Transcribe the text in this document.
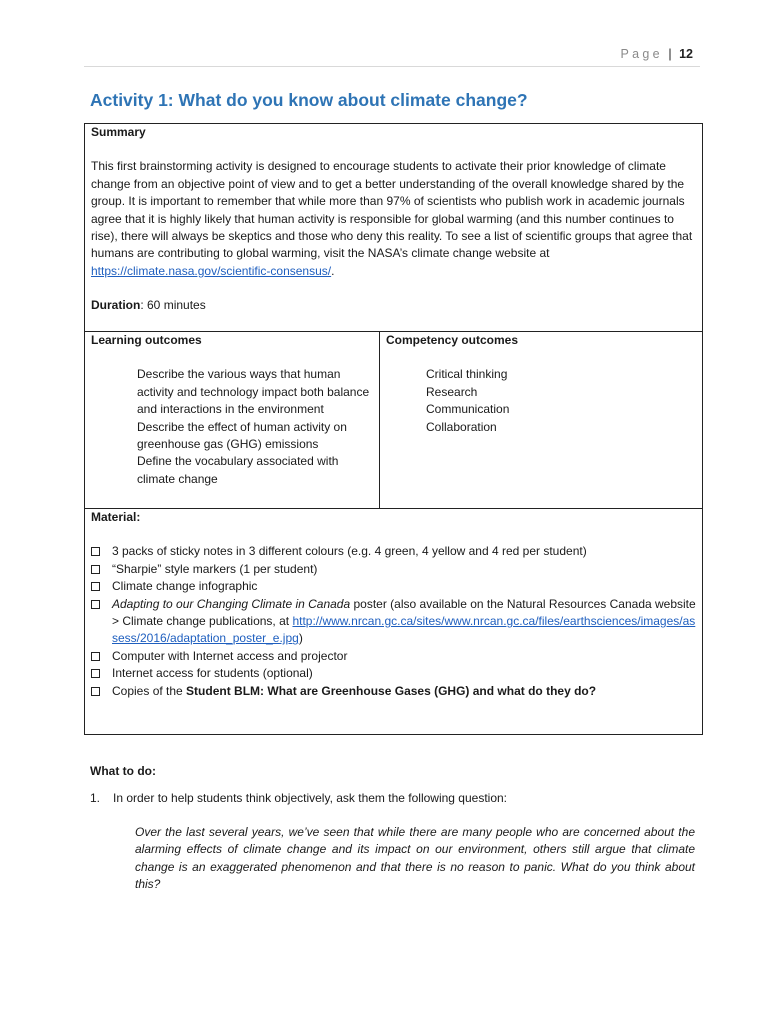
Page | 12
Activity 1: What do you know about climate change?
Summary
This first brainstorming activity is designed to encourage students to activate their prior knowledge of climate change from an objective point of view and to get a better understanding of the overall knowledge shared by the group. It is important to remember that while more than 97% of scientists who publish work in academic journals agree that it is highly likely that human activity is responsible for global warming (and this number continues to rise), there will always be skeptics and those who deny this reality. To see a list of scientific groups that agree that humans are contributing to global warming, visit the NASA’s climate change website at https://climate.nasa.gov/scientific-consensus/.
Duration: 60 minutes

Learning outcomes
Describe the various ways that human activity and technology impact both balance and interactions in the environment
Describe the effect of human activity on greenhouse gas (GHG) emissions
Define the vocabulary associated with climate change

Competency outcomes
Critical thinking
Research
Communication
Collaboration

Material:
3 packs of sticky notes in 3 different colours (e.g. 4 green, 4 yellow and 4 red per student)
“Sharpie” style markers (1 per student)
Climate change infographic
Adapting to our Changing Climate in Canada poster (also available on the Natural Resources Canada website > Climate change publications, at http://www.nrcan.gc.ca/sites/www.nrcan.gc.ca/files/earthsciences/images/assess/2016/adaptation_poster_e.jpg)
Computer with Internet access and projector
Internet access for students (optional)
Copies of the Student BLM: What are Greenhouse Gases (GHG) and what do they do?
What to do:
1.	In order to help students think objectively, ask them the following question:
Over the last several years, we’ve seen that while there are many people who are concerned about the alarming effects of climate change and its impact on our environment, others still argue that climate change is an exaggerated phenomenon and that there is no reason to panic. What do you think about this?
